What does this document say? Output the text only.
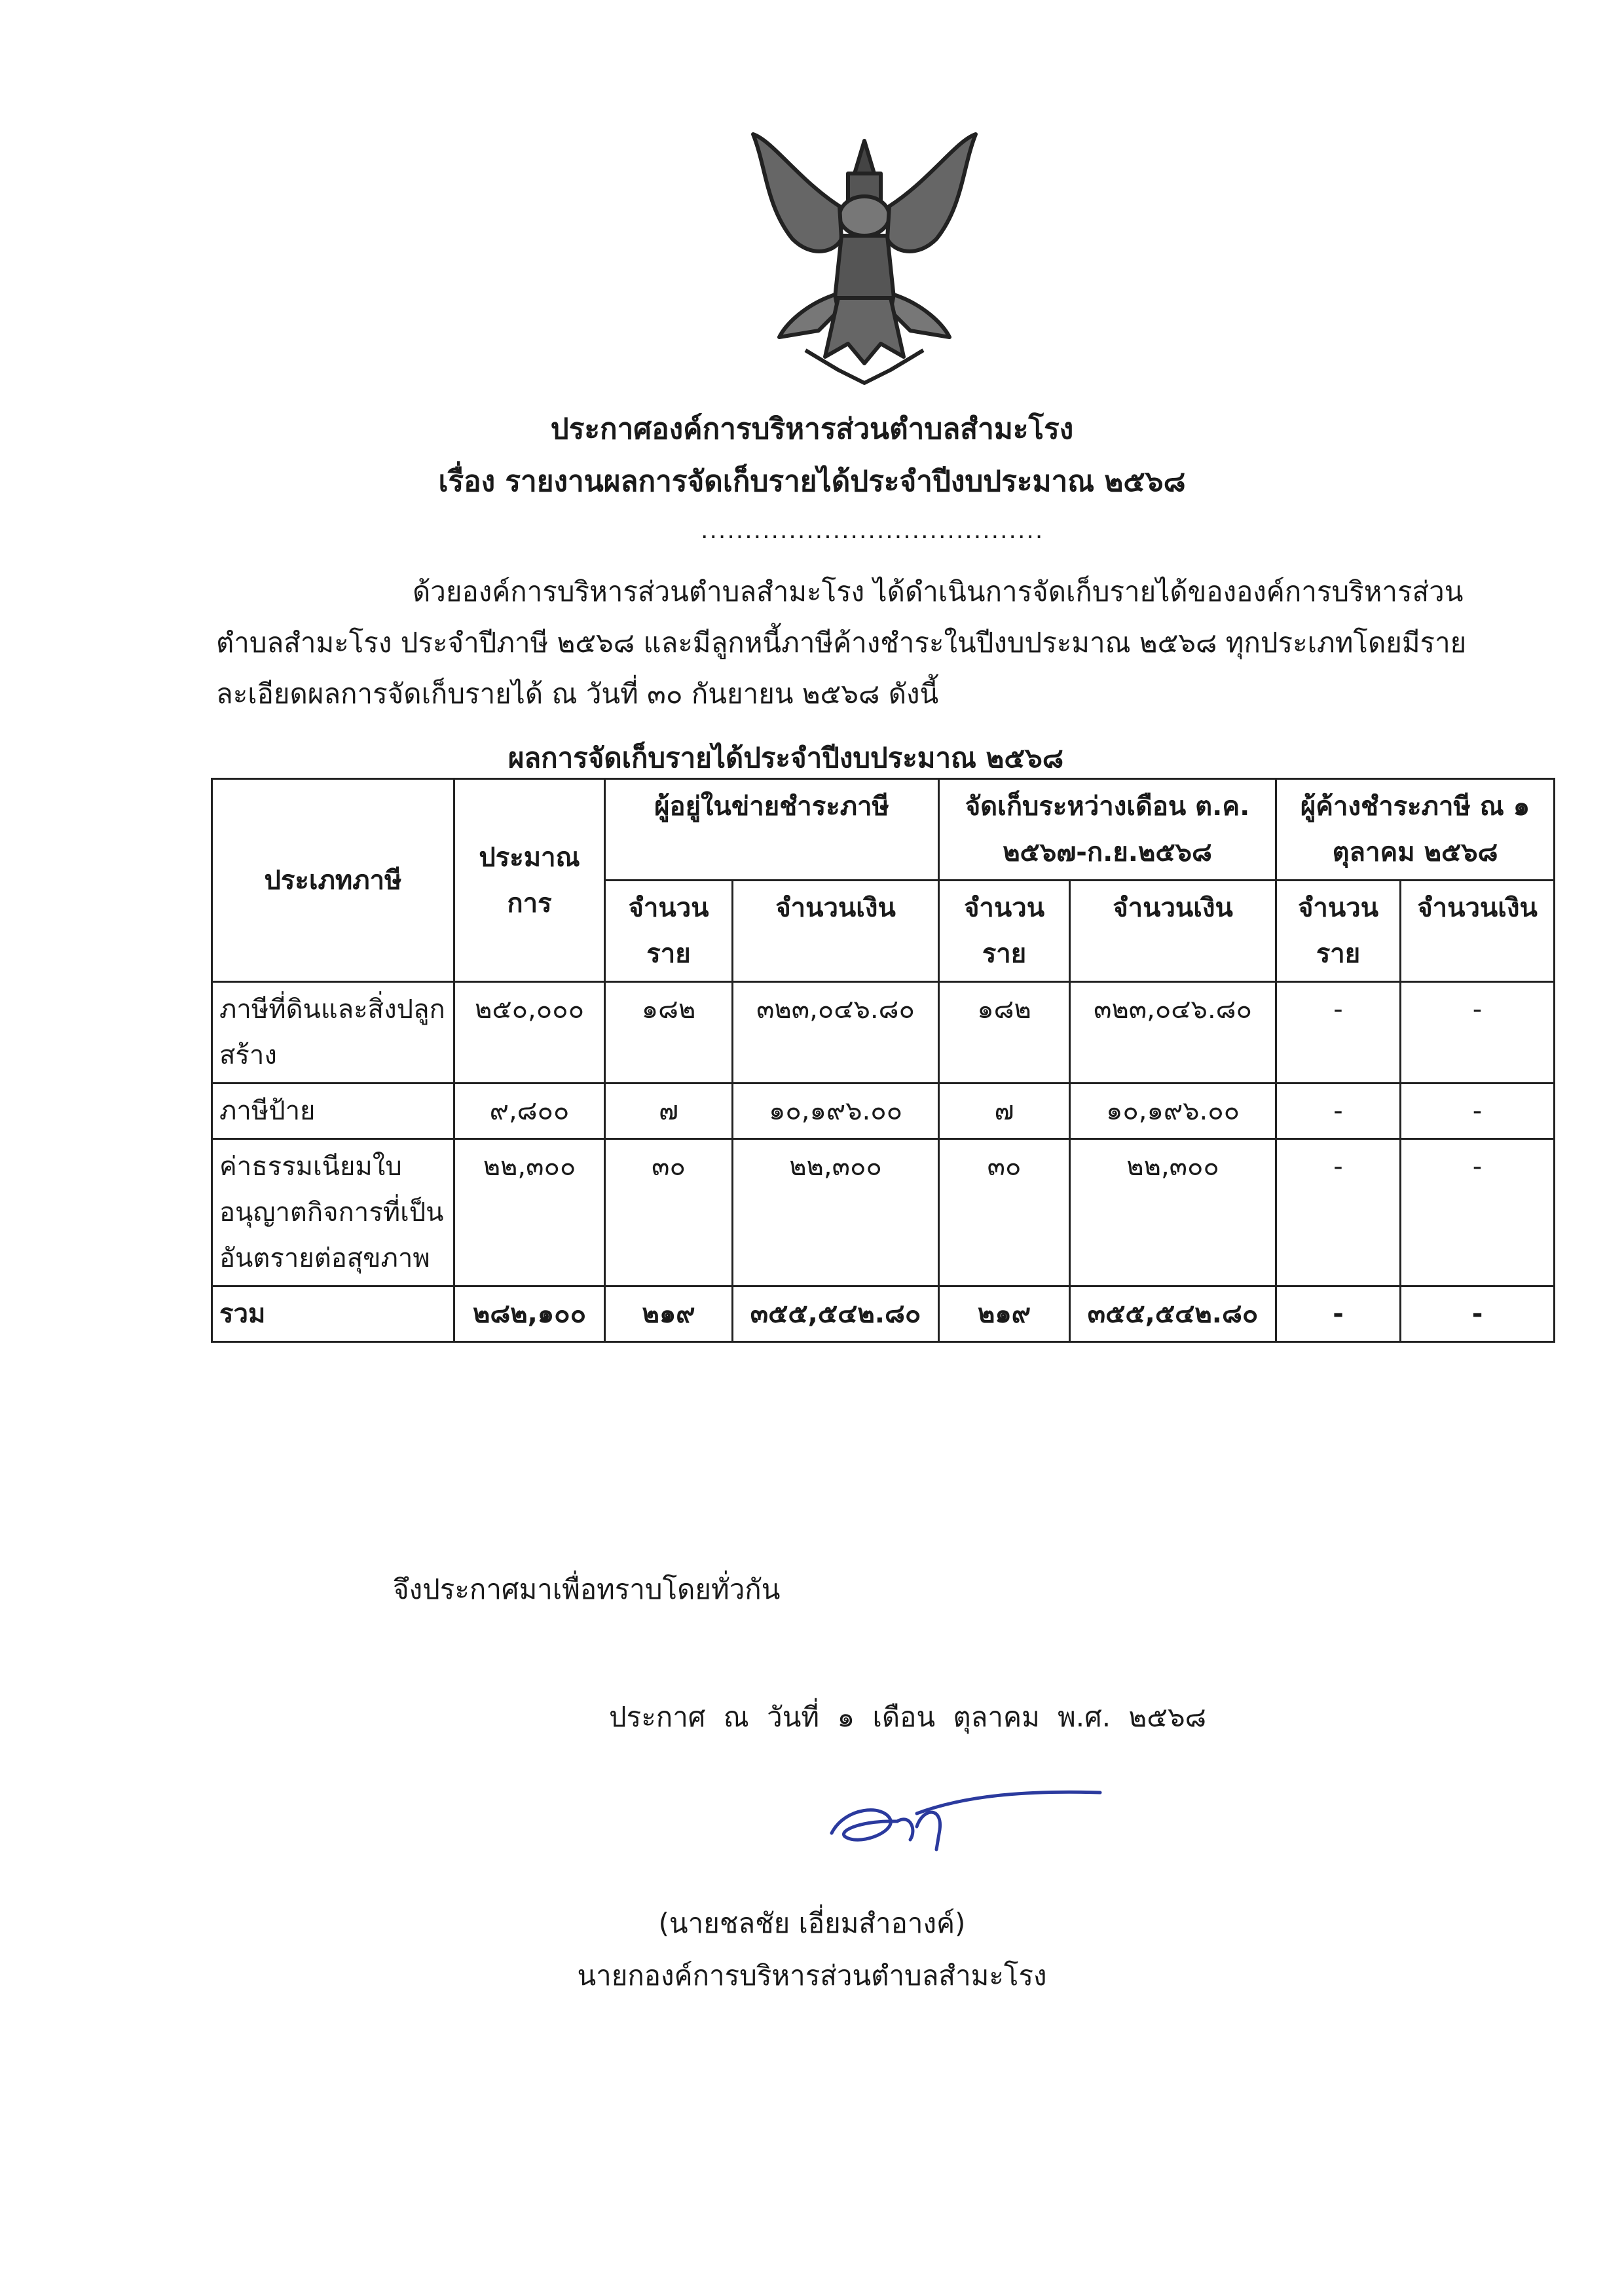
ประกาศองค์การบริหารส่วนตำบลสำมะโรง
เรื่อง รายงานผลการจัดเก็บรายได้ประจำปีงบประมาณ ๒๕๖๘
.......................................
ด้วยองค์การบริหารส่วนตำบลสำมะโรง ได้ดำเนินการจัดเก็บรายได้ขององค์การบริหารส่วนตำบลสำมะโรง ประจำปีภาษี ๒๕๖๘ และมีลูกหนี้ภาษีค้างชำระในปีงบประมาณ ๒๕๖๘ ทุกประเภทโดยมีรายละเอียดผลการจัดเก็บรายได้ ณ วันที่ ๓๐ กันยายน ๒๕๖๘ ดังนี้
ผลการจัดเก็บรายได้ประจำปีงบประมาณ ๒๕๖๘
ประเภทภาษี	ประมาณการ	ผู้อยู่ในข่ายชำระภาษี		จัดเก็บระหว่างเดือน ต.ค. ๒๕๖๗-ก.ย.๒๕๖๘		ผู้ค้างชำระภาษี ณ ๑ ตุลาคม ๒๕๖๘	
		จำนวนราย	จำนวนเงิน	จำนวนราย	จำนวนเงิน	จำนวนราย	จำนวนเงิน
ภาษีที่ดินและสิ่งปลูกสร้าง	๒๕๐,๐๐๐	๑๘๒	๓๒๓,๐๔๖.๘๐	๑๘๒	๓๒๓,๐๔๖.๘๐	-	-
ภาษีป้าย	๙,๘๐๐	๗	๑๐,๑๙๖.๐๐	๗	๑๐,๑๙๖.๐๐	-	-
ค่าธรรมเนียมใบอนุญาตกิจการที่เป็นอันตรายต่อสุขภาพ	๒๒,๓๐๐	๓๐	๒๒,๓๐๐	๓๐	๒๒,๓๐๐	-	-
รวม	๒๘๒,๑๐๐	๒๑๙	๓๕๕,๕๔๒.๘๐	๒๑๙	๓๕๕,๕๔๒.๘๐	-	-
จึงประกาศมาเพื่อทราบโดยทั่วกัน
ประกาศ ณ วันที่ ๑ เดือน ตุลาคม พ.ศ. ๒๕๖๘
(นายชลชัย เอี่ยมสำอางค์)
นายกองค์การบริหารส่วนตำบลสำมะโรง
